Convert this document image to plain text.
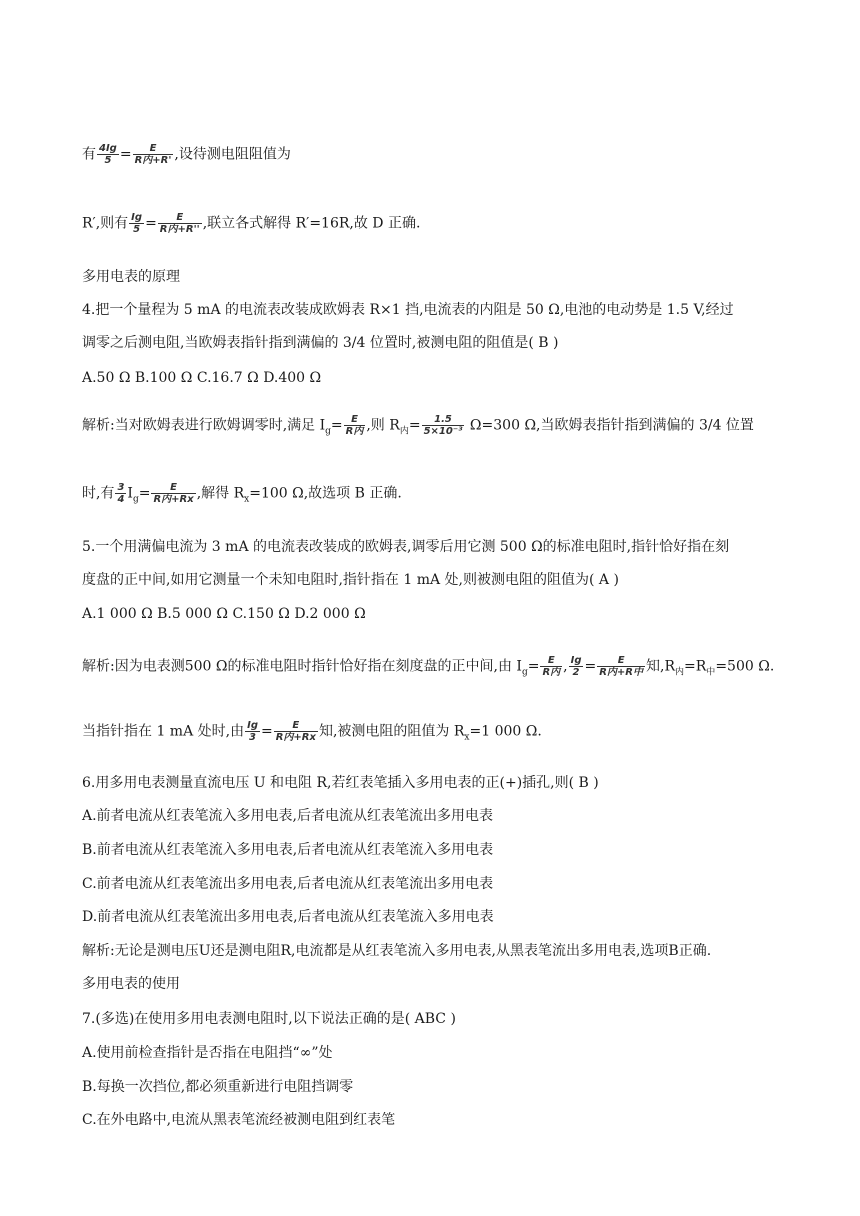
有 $\frac{4Ig}{5} = \frac{E}{\text{R内+R'}}$ ,设待测电阻阻值为
R′,则有 $\frac{Ig}{5} = \frac{E}{\text{R内+R''}}$ ,联立各式解得 R′=16R,故 D 正确.
多用电表的原理
4.把一个量程为 5 mA 的电流表改装成欧姆表 R×1 挡,电流表的内阻是 50 Ω,电池的电动势是 1.5 V,经过
调零之后测电阻,当欧姆表指针指到满偏的 3/4 位置时,被测电阻的阻值是( B )
A.50 Ω B.100 Ω C.16.7 Ω D.400 Ω
解析:当对欧姆表进行欧姆调零时,满足 $I_g= \frac{E}{\text{R内}}$ ,则 $R_内= \frac{1.5}{\text{5×10⁻³}} \Omega=300$ Ω,当欧姆表指针指到满偏的 3/4 位置
时,有 $\frac{3}{4} I_g= \frac{E}{\text{R内+Rx}}$ ,解得 $R_x=100$ Ω,故选项 B 正确.
5.一个用满偏电流为 3 mA 的电流表改装成的欧姆表,调零后用它测 500 Ω的标准电阻时,指针恰好指在刻
度盘的正中间,如用它测量一个未知电阻时,指针指在 1 mA 处,则被测电阻的阻值为( A )
A.1 000 Ω B.5 000 Ω C.150 Ω D.2 000 Ω
解析:因为电表测500 Ω的标准电阻时指针恰好指在刻度盘的正中间,由 $I_g= \frac{E}{\text{R内}}$ , $\frac{Ig}{2} = \frac{E}{\text{R内+R中}}$ 知$,R_内=R_中=500$ Ω.
当指针指在 1 mA 处时,由 $\frac{Ig}{3} = \frac{E}{\text{R内+Rx}}$ 知,被测电阻的阻值为 $R_x=1$ 000 Ω.
6.用多用电表测量直流电压 U 和电阻 R,若红表笔插入多用电表的正(+)插孔,则( B )
A.前者电流从红表笔流入多用电表,后者电流从红表笔流出多用电表
B.前者电流从红表笔流入多用电表,后者电流从红表笔流入多用电表
C.前者电流从红表笔流出多用电表,后者电流从红表笔流出多用电表
D.前者电流从红表笔流出多用电表,后者电流从红表笔流入多用电表
解析:无论是测电压U还是测电阻R,电流都是从红表笔流入多用电表,从黑表笔流出多用电表,选项B正确.
多用电表的使用
7.(多选)在使用多用电表测电阻时,以下说法正确的是( ABC )
A.使用前检查指针是否指在电阻挡“∞”处
B.每换一次挡位,都必须重新进行电阻挡调零
C.在外电路中,电流从黑表笔流经被测电阻到红表笔
